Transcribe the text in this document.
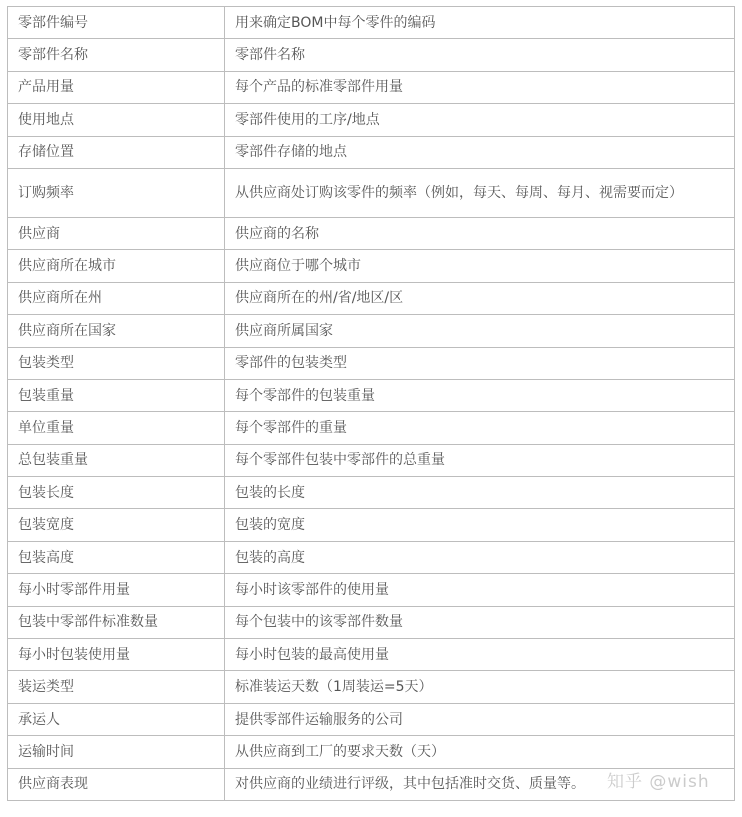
零部件编号	用来确定BOM中每个零件的编码
零部件名称	零部件名称
产品用量	每个产品的标准零部件用量
使用地点	零部件使用的工序/地点
存储位置	零部件存储的地点
订购频率	从供应商处订购该零件的频率（例如，每天、每周、每月、视需要而定）
供应商	供应商的名称
供应商所在城市	供应商位于哪个城市
供应商所在州	供应商所在的州/省/地区/区
供应商所在国家	供应商所属国家
包装类型	零部件的包装类型
包装重量	每个零部件的包装重量
单位重量	每个零部件的重量
总包装重量	每个零部件包装中零部件的总重量
包装长度	包装的长度
包装宽度	包装的宽度
包装高度	包装的高度
每小时零部件用量	每小时该零部件的使用量
包装中零部件标准数量	每个包装中的该零部件数量
每小时包装使用量	每小时包装的最高使用量
装运类型	标准装运天数（1周装运=5天）
承运人	提供零部件运输服务的公司
运输时间	从供应商到工厂的要求天数（天）
供应商表现	对供应商的业绩进行评级，其中包括准时交货、质量等。 知乎 @wish
